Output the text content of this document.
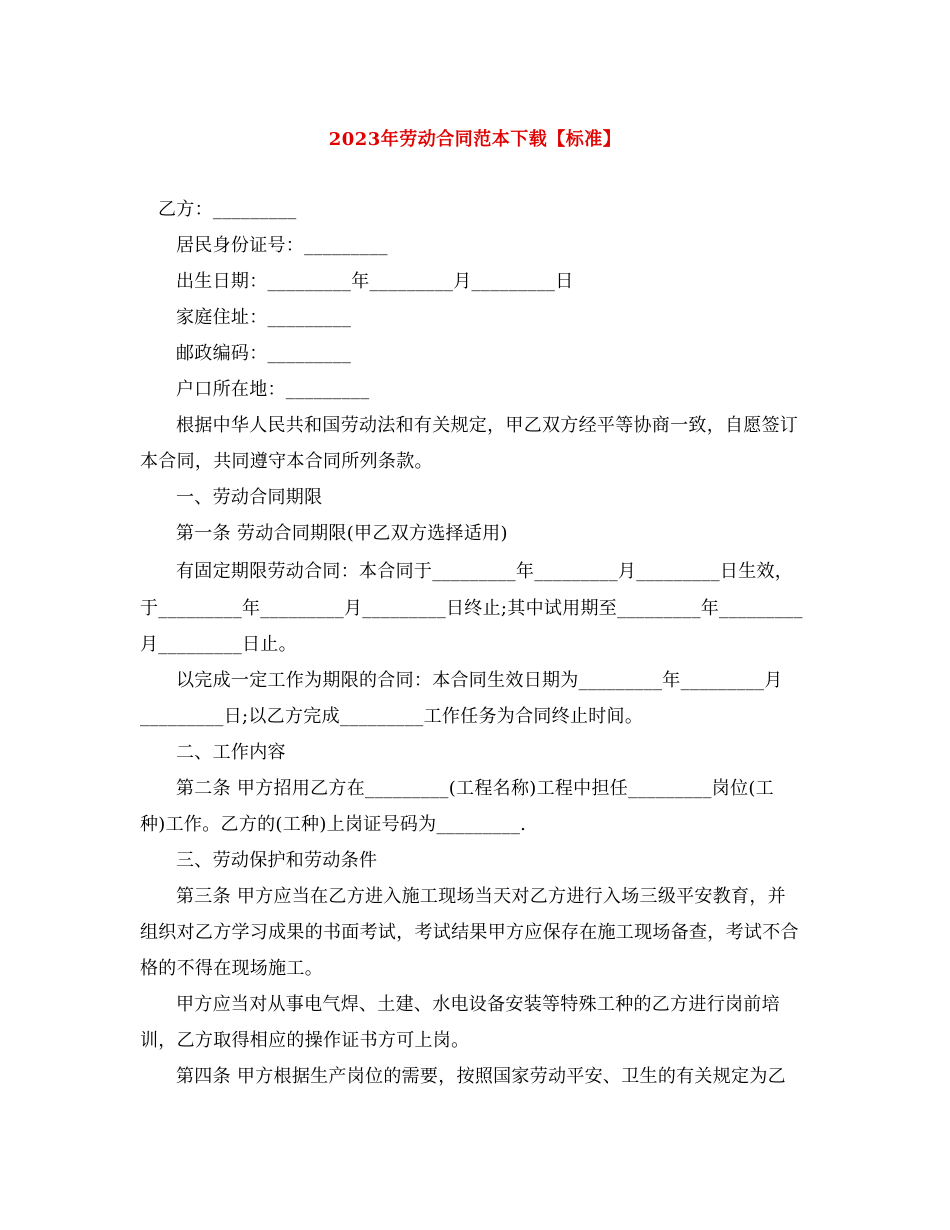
2023年劳动合同范本下载【标准】
乙方：_________
居民身份证号：_________
出生日期：_________年_________月_________日
家庭住址：_________
邮政编码：_________
户口所在地：_________
根据中华人民共和国劳动法和有关规定，甲乙双方经平等协商一致，自愿签订
本合同，共同遵守本合同所列条款。
一、劳动合同期限
第一条 劳动合同期限(甲乙双方选择适用)
有固定期限劳动合同：本合同于_________年_________月_________日生效，
于_________年_________月_________日终止;其中试用期至_________年_________
月_________日止。
以完成一定工作为期限的合同：本合同生效日期为_________年_________月
_________日;以乙方完成_________工作任务为合同终止时间。
二、工作内容
第二条 甲方招用乙方在_________(工程名称)工程中担任_________岗位(工
种)工作。乙方的(工种)上岗证号码为_________.
三、劳动保护和劳动条件
第三条 甲方应当在乙方进入施工现场当天对乙方进行入场三级平安教育，并
组织对乙方学习成果的书面考试，考试结果甲方应保存在施工现场备查，考试不合
格的不得在现场施工。
甲方应当对从事电气焊、土建、水电设备安装等特殊工种的乙方进行岗前培
训，乙方取得相应的操作证书方可上岗。
第四条 甲方根据生产岗位的需要，按照国家劳动平安、卫生的有关规定为乙
